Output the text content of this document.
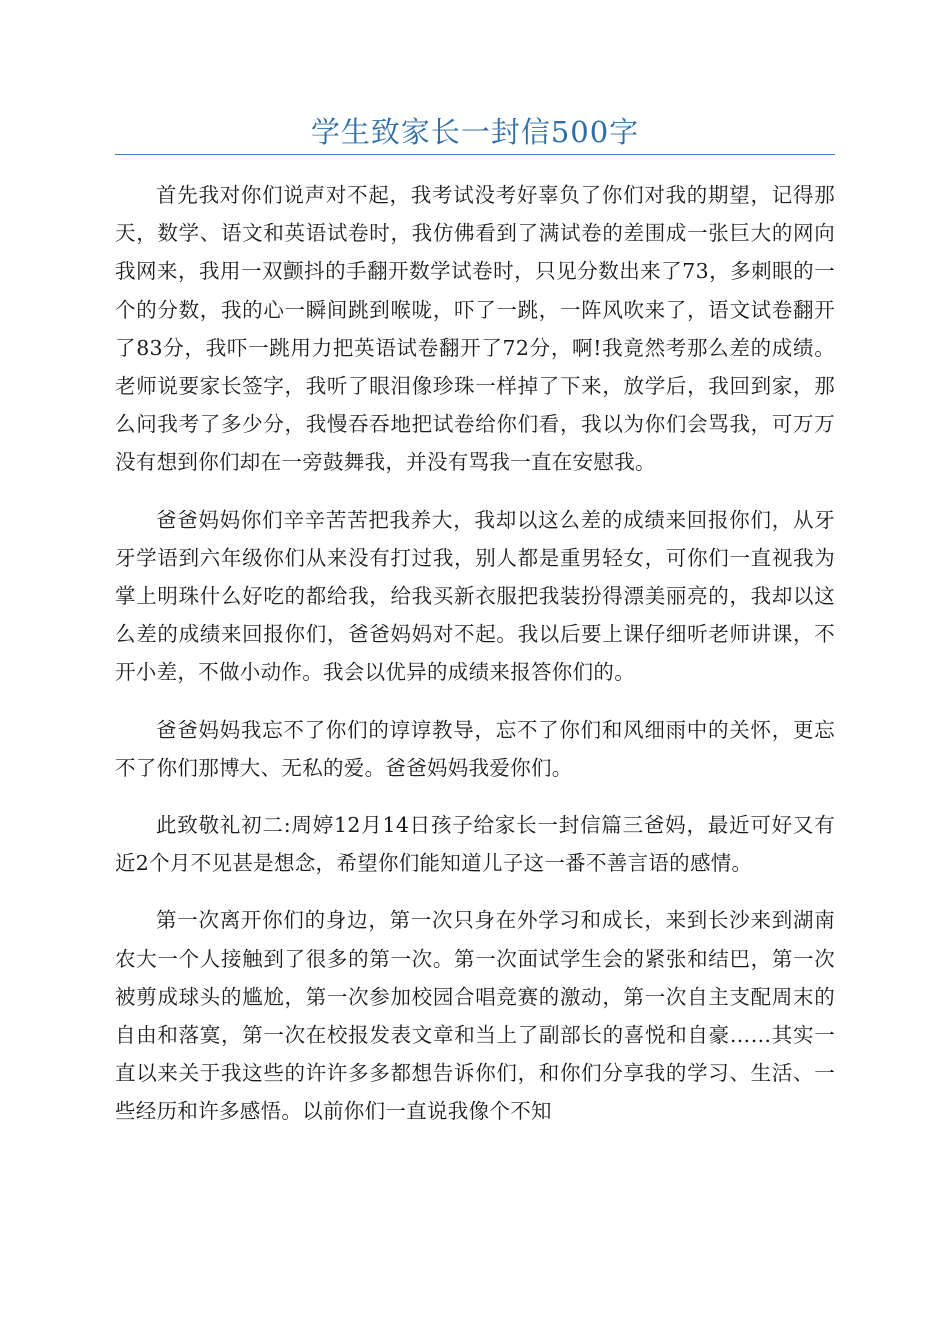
学生致家长一封信500字

首先我对你们说声对不起，我考试没考好辜负了你们对我的期望，记得那天，数学、语文和英语试卷时，我仿佛看到了满试卷的差围成一张巨大的网向我网来，我用一双颤抖的手翻开数学试卷时，只见分数出来了73，多刺眼的一个的分数，我的心一瞬间跳到喉咙，吓了一跳，一阵风吹来了，语文试卷翻开了83分，我吓一跳用力把英语试卷翻开了72分，啊!我竟然考那么差的成绩。老师说要家长签字，我听了眼泪像珍珠一样掉了下来，放学后，我回到家，那么问我考了多少分，我慢吞吞地把试卷给你们看，我以为你们会骂我，可万万没有想到你们却在一旁鼓舞我，并没有骂我一直在安慰我。

爸爸妈妈你们辛辛苦苦把我养大，我却以这么差的成绩来回报你们，从牙牙学语到六年级你们从来没有打过我，别人都是重男轻女，可你们一直视我为掌上明珠什么好吃的都给我，给我买新衣服把我装扮得漂美丽亮的，我却以这么差的成绩来回报你们，爸爸妈妈对不起。我以后要上课仔细听老师讲课，不开小差，不做小动作。我会以优异的成绩来报答你们的。

爸爸妈妈我忘不了你们的谆谆教导，忘不了你们和风细雨中的关怀，更忘不了你们那博大、无私的爱。爸爸妈妈我爱你们。

此致敬礼初二:周婷12月14日孩子给家长一封信篇三爸妈，最近可好又有近2个月不见甚是想念，希望你们能知道儿子这一番不善言语的感情。

第一次离开你们的身边，第一次只身在外学习和成长，来到长沙来到湖南农大一个人接触到了很多的第一次。第一次面试学生会的紧张和结巴，第一次被剪成球头的尴尬，第一次参加校园合唱竞赛的激动，第一次自主支配周末的自由和落寞，第一次在校报发表文章和当上了副部长的喜悦和自豪……其实一直以来关于我这些的许许多多都想告诉你们，和你们分享我的学习、生活、一些经历和许多感悟。以前你们一直说我像个不知
